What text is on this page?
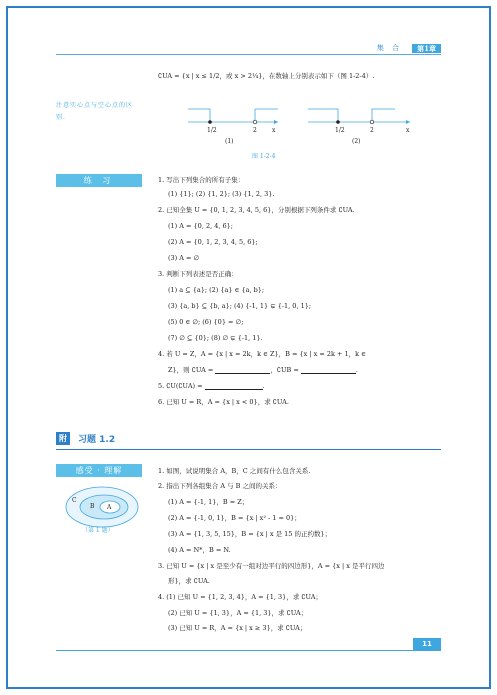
集 合	第1章
∁UA = {x | x ≤ 1/2，或 x > 2¼}，在数轴上分别表示如下（图 1-2-4）.
注意实心点与空心点的区别.
1/2	2	x	1/2	2	x
(1)	(2)
图 1-2-4
练 习	1. 写出下列集合的所有子集：
(1) {1}; (2) {1, 2}; (3) {1, 2, 3}.
2. 已知全集 U = {0, 1, 2, 3, 4, 5, 6}，分别根据下列条件求 ∁UA.
(1) A = {0, 2, 4, 6};
(2) A = {0, 1, 2, 3, 4, 5, 6};
(3) A = ∅
3. 判断下列表述是否正确：
(1) a ⊆ {a}; (2) {a} ∈ {a, b};
(3) {a, b} ⊆ {b, a}; (4) {-1, 1} ⊊ {-1, 0, 1};
(5) 0 ∈ ∅; (6) {0} = ∅;
(7) ∅ ⊆ {0}; (8) ∅ ⊊ {-1, 1}.
4. 若 U = Z，A = {x | x = 2k，k ∈ Z}，B = {x | x = 2k + 1，k ∈
Z}，则 ∁UA =	，∁UB =	.
5. ∁U(∁UA) =	.
6. 已知 U = R，A = {x | x < 0}，求 ∁UA.
附	习题 1.2
感受 · 理解
C
B A
（第 1 题）
1. 如图，试说明集合 A，B，C 之间有什么包含关系.
2. 指出下列各组集合 A 与 B 之间的关系：
(1) A = {-1, 1}，B = Z；
(2) A = {-1, 0, 1}，B = {x | x² - 1 = 0}；
(3) A = {1, 3, 5, 15}，B = {x | x 是 15 的正约数}；
(4) A = N*，B = N.
3. 已知 U = {x | x 是至少有一组对边平行的四边形}，A = {x | x 是平行四边
形}，求 ∁UA.
4. (1) 已知 U = {1, 2, 3, 4}，A = {1, 3}，求 ∁UA；
(2) 已知 U = {1, 3}，A = {1, 3}，求 ∁UA；
(3) 已知 U = R，A = {x | x ≥ 3}，求 ∁UA；
11
